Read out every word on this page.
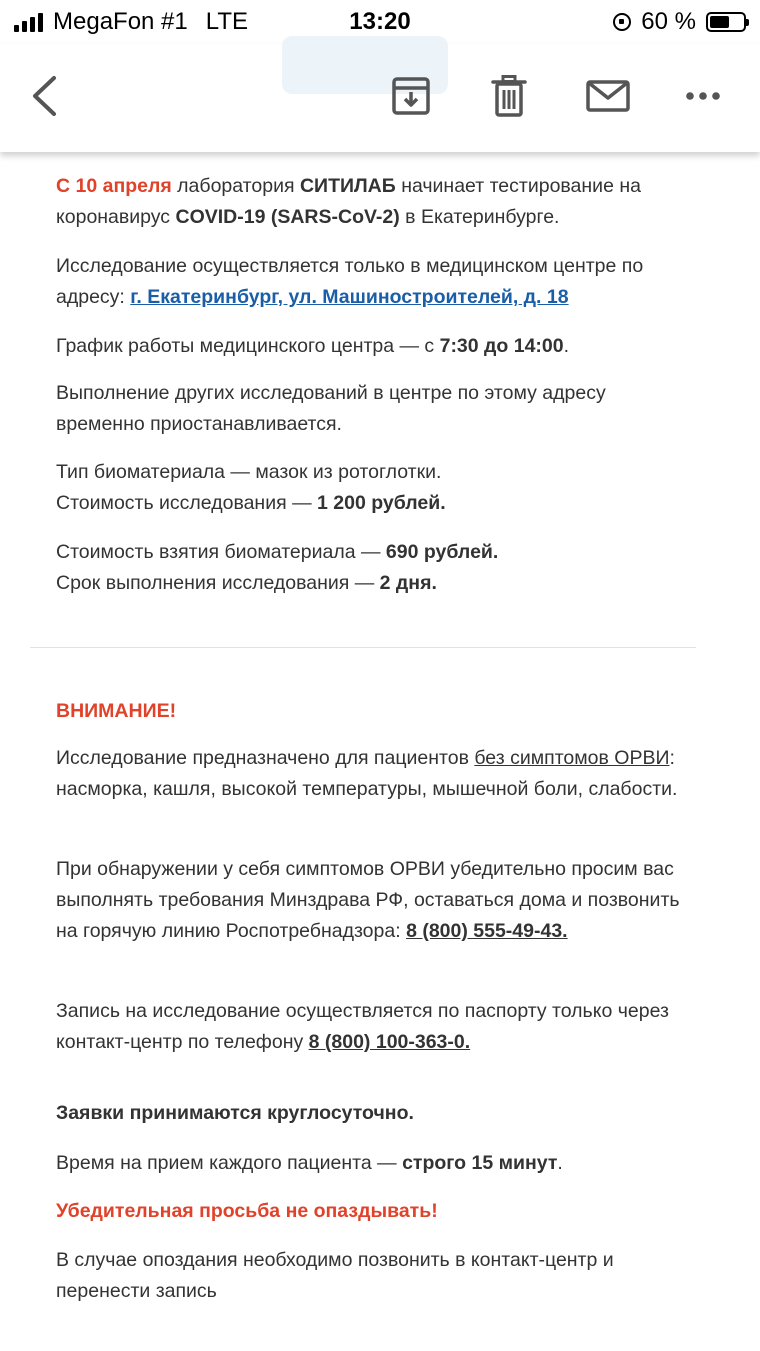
MegaFon #1 LTE	13:20	60 %
С 10 апреля лаборатория СИТИЛАБ начинает тестирование на коронавирус COVID-19 (SARS-CoV-2) в Екатеринбурге.
Исследование осуществляется только в медицинском центре по адресу: г. Екатеринбург, ул. Машиностроителей, д. 18
График работы медицинского центра — с 7:30 до 14:00.
Выполнение других исследований в центре по этому адресу временно приостанавливается.
Тип биоматериала — мазок из ротоглотки.
Стоимость исследования — 1 200 рублей.
Стоимость взятия биоматериала — 690 рублей.
Срок выполнения исследования — 2 дня.
ВНИМАНИЕ!
Исследование предназначено для пациентов без симптомов ОРВИ: насморка, кашля, высокой температуры, мышечной боли, слабости.
При обнаружении у себя симптомов ОРВИ убедительно просим вас выполнять требования Минздрава РФ, оставаться дома и позвонить на горячую линию Роспотребнадзора: 8 (800) 555-49-43.
Запись на исследование осуществляется по паспорту только через контакт-центр по телефону 8 (800) 100-363-0.
Заявки принимаются круглосуточно.
Время на прием каждого пациента — строго 15 минут.
Убедительная просьба не опаздывать!
В случае опоздания необходимо позвонить в контакт-центр и перенести запись
